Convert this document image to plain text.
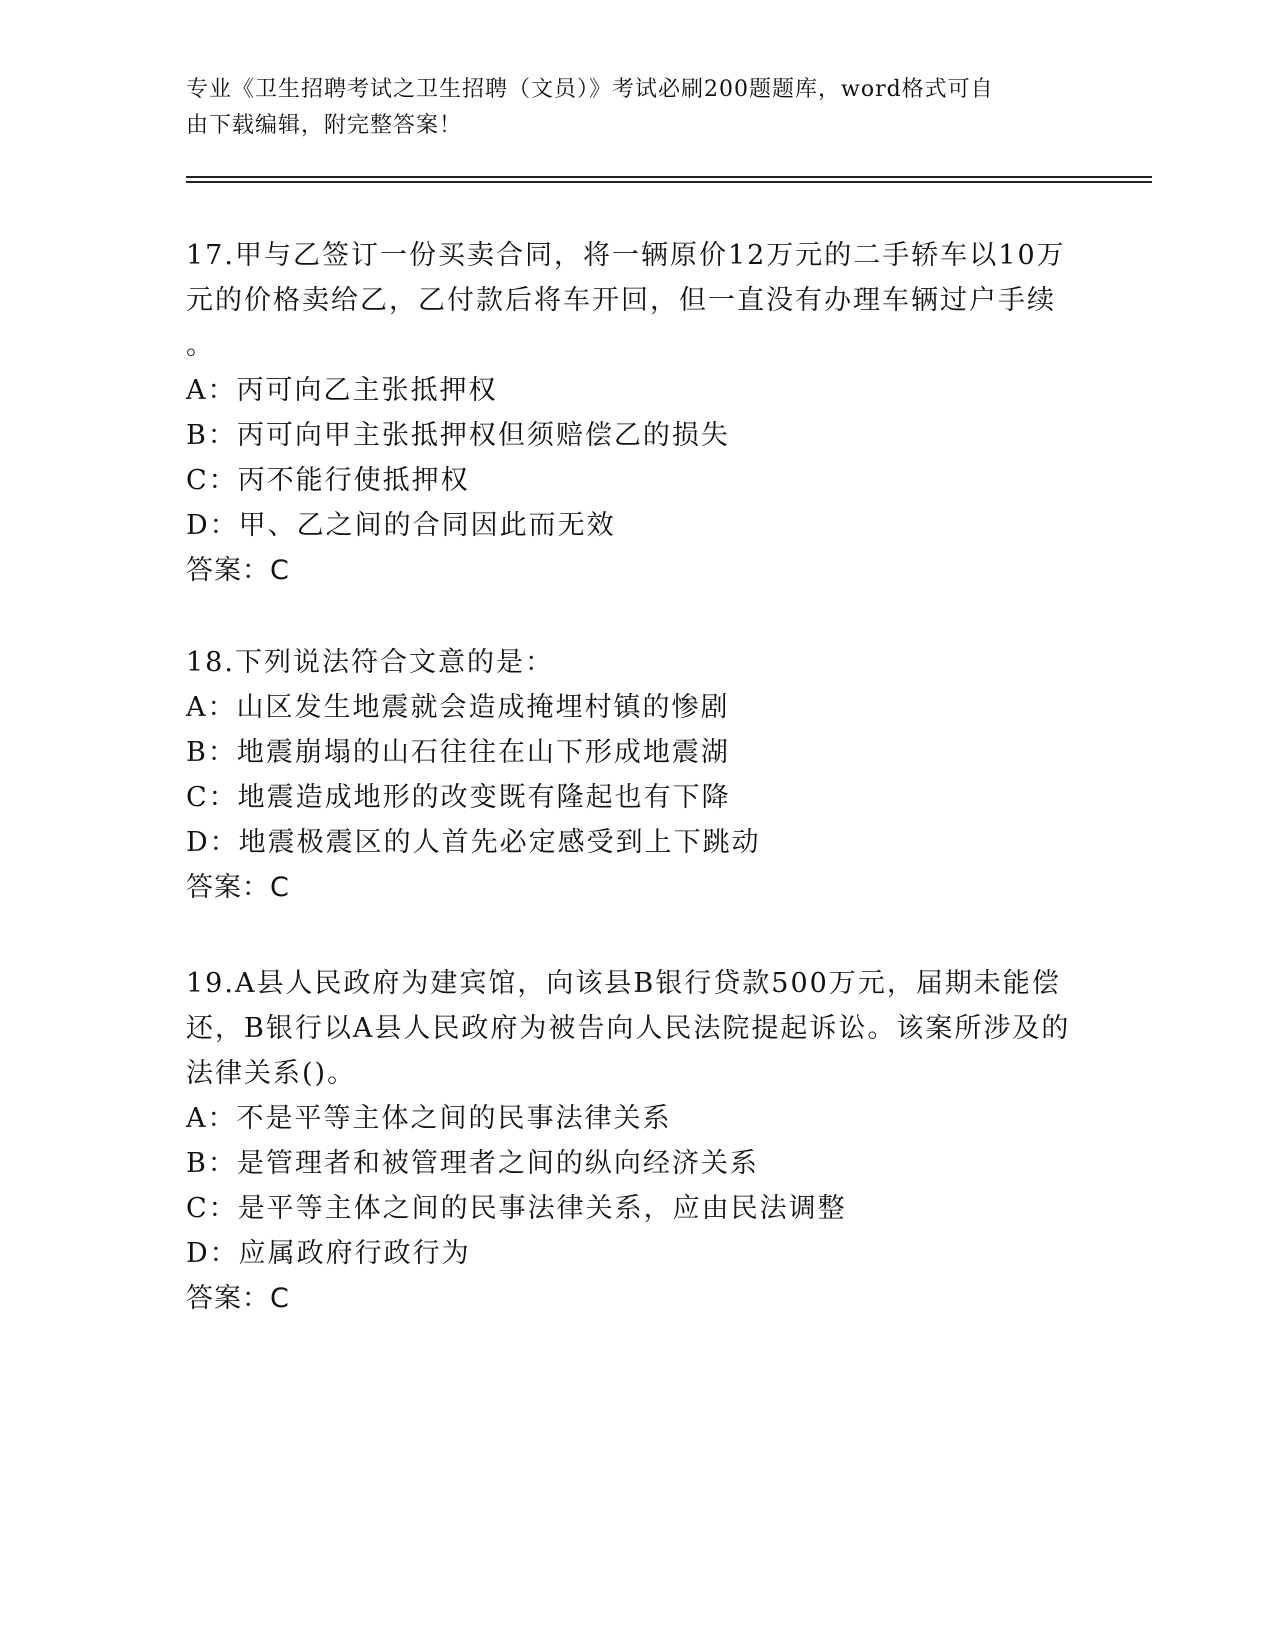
专业《卫生招聘考试之卫生招聘（文员）》考试必刷200题题库，word格式可自
由下载编辑，附完整答案！

17.甲与乙签订一份买卖合同，将一辆原价12万元的二手轿车以10万
元的价格卖给乙，乙付款后将车开回，但一直没有办理车辆过户手续
。

A：丙可向乙主张抵押权

B：丙可向甲主张抵押权但须赔偿乙的损失

C：丙不能行使抵押权

D：甲、乙之间的合同因此而无效

答案：C

18.下列说法符合文意的是：

A：山区发生地震就会造成掩埋村镇的惨剧

B：地震崩塌的山石往往在山下形成地震湖

C：地震造成地形的改变既有隆起也有下降

D：地震极震区的人首先必定感受到上下跳动

答案：C

19.A县人民政府为建宾馆，向该县B银行贷款500万元，届期未能偿
还，B银行以A县人民政府为被告向人民法院提起诉讼。该案所涉及的
法律关系()。

A：不是平等主体之间的民事法律关系

B：是管理者和被管理者之间的纵向经济关系

C：是平等主体之间的民事法律关系，应由民法调整

D：应属政府行政行为

答案：C
